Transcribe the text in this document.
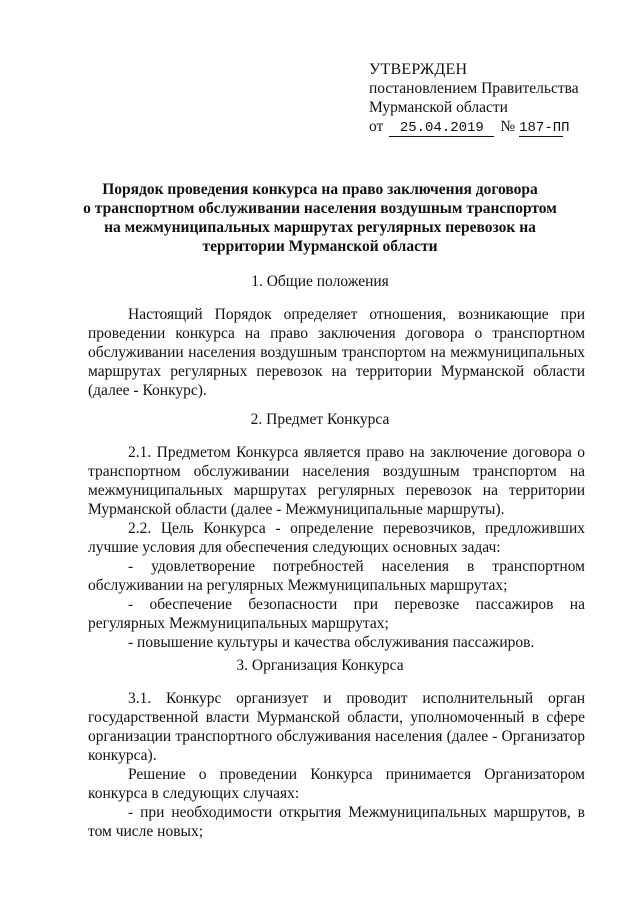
УТВЕРЖДЕН
постановлением Правительства
Мурманской области
от	25.04.2019	№ 187-ПП
Порядок проведения конкурса на право заключения договора
о транспортном обслуживании населения воздушным транспортом
на межмуниципальных маршрутах регулярных перевозок на
территории Мурманской области
1. Общие положения

Настоящий Порядок определяет отношения, возникающие при проведении конкурса на право заключения договора о транспортном обслуживании населения воздушным транспортом на межмуниципальных маршрутах регулярных перевозок на территории Мурманской области (далее - Конкурс).

2. Предмет Конкурса

2.1. Предметом Конкурса является право на заключение договора о транспортном обслуживании населения воздушным транспортом на межмуниципальных маршрутах регулярных перевозок на территории Мурманской области (далее - Межмуниципальные маршруты).

2.2. Цель Конкурса - определение перевозчиков, предложивших лучшие условия для обеспечения следующих основных задач:

- удовлетворение потребностей населения в транспортном обслуживании на регулярных Межмуниципальных маршрутах;

- обеспечение безопасности при перевозке пассажиров на регулярных Межмуниципальных маршрутах;

- повышение культуры и качества обслуживания пассажиров.

3. Организация Конкурса

3.1. Конкурс организует и проводит исполнительный орган государственной власти Мурманской области, уполномоченный в сфере организации транспортного обслуживания населения (далее - Организатор конкурса).

Решение о проведении Конкурса принимается Организатором конкурса в следующих случаях:

- при необходимости открытия Межмуниципальных маршрутов, в том числе новых;
